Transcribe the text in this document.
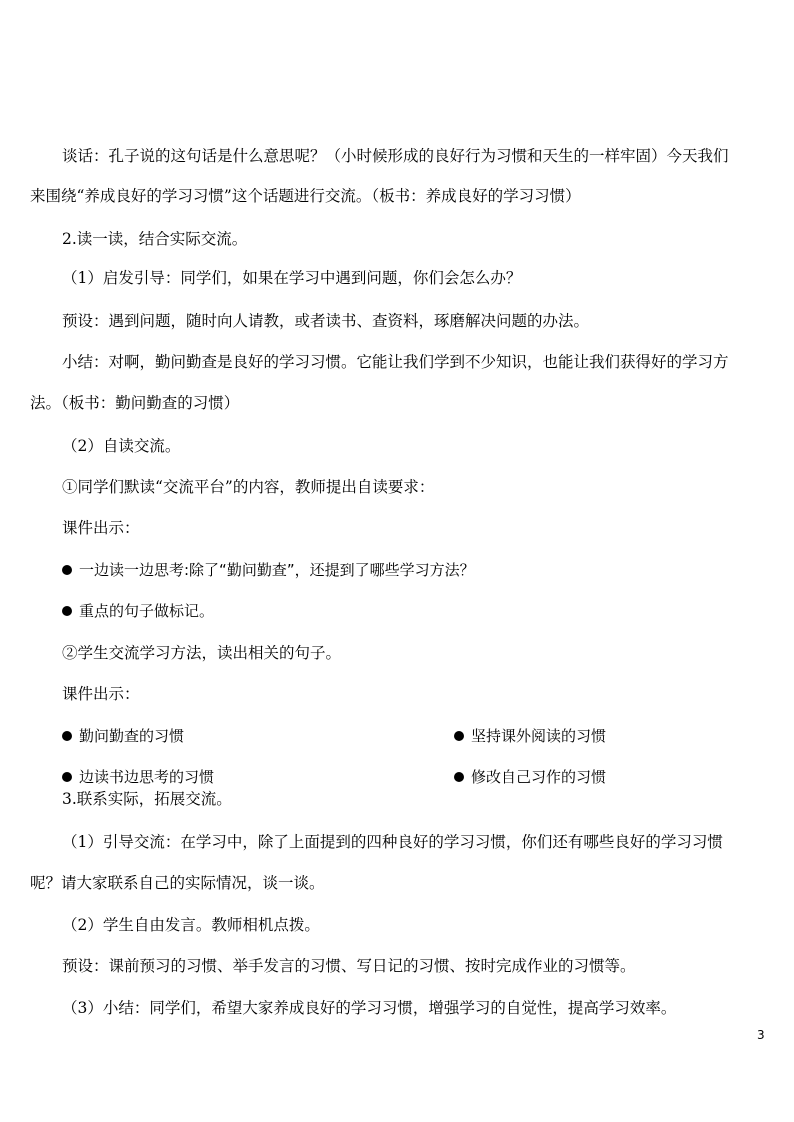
谈话：孔子说的这句话是什么意思呢？（小时候形成的良好行为习惯和天生的一样牢固）今天我们
来围绕“养成良好的学习习惯”这个话题进行交流。（板书：养成良好的学习习惯）
2.读一读，结合实际交流。
（1）启发引导：同学们，如果在学习中遇到问题，你们会怎么办？
预设：遇到问题，随时向人请教，或者读书、查资料，琢磨解决问题的办法。
小结：对啊，勤问勤查是良好的学习习惯。它能让我们学到不少知识，也能让我们获得好的学习方
法。（板书：勤问勤查的习惯）
（2）自读交流。
①同学们默读“交流平台”的内容，教师提出自读要求：
课件出示：
一边读一边思考:除了“勤问勤查”，还提到了哪些学习方法？
重点的句子做标记。
②学生交流学习方法，读出相关的句子。
课件出示：
勤问勤查的习惯	坚持课外阅读的习惯
边读书边思考的习惯	修改自己习作的习惯
3.联系实际，拓展交流。
（1）引导交流：在学习中，除了上面提到的四种良好的学习习惯，你们还有哪些良好的学习习惯
呢？请大家联系自己的实际情况，谈一谈。
（2）学生自由发言。教师相机点拨。
预设：课前预习的习惯、举手发言的习惯、写日记的习惯、按时完成作业的习惯等。
（3）小结：同学们，希望大家养成良好的学习习惯，增强学习的自觉性，提高学习效率。
3
